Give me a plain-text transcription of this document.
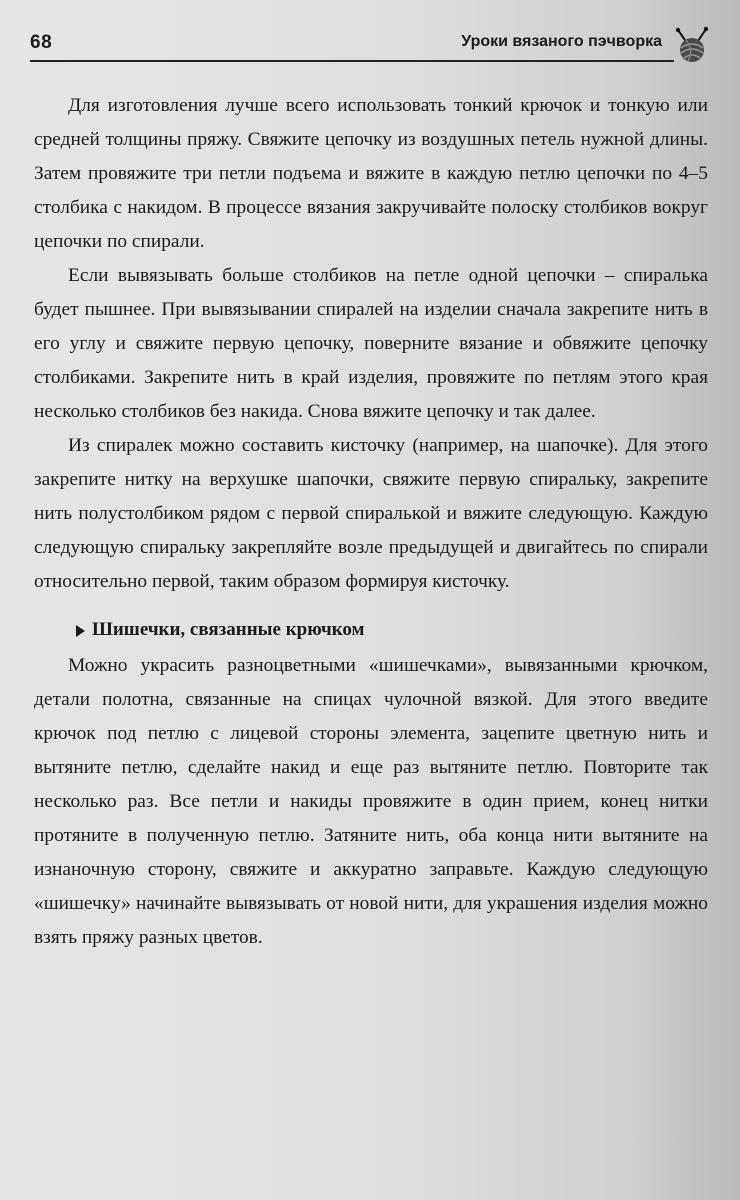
68	Уроки вязаного пэчворка

Для изготовления лучше всего использовать тонкий крючок и тонкую или средней толщины пряжу. Свяжите цепочку из воздушных петель нужной длины. Затем провяжите три петли подъема и вяжите в каждую петлю цепочки по 4–5 столбика с накидом. В процессе вязания закручивайте полоску столбиков вокруг цепочки по спирали.

Если вывязывать больше столбиков на петле одной цепочки – спиралька будет пышнее. При вывязывании спиралей на изделии сначала закрепите нить в его углу и свяжите первую цепочку, поверните вязание и обвяжите цепочку столбиками. Закрепите нить в край изделия, провяжите по петлям этого края несколько столбиков без накида. Снова вяжите цепочку и так далее.

Из спиралек можно составить кисточку (например, на шапочке). Для этого закрепите нитку на верхушке шапочки, свяжите первую спиральку, закрепите нить полустолбиком рядом с первой спиралькой и вяжите следующую. Каждую следующую спиральку закрепляйте возле предыдущей и двигайтесь по спирали относительно первой, таким образом формируя кисточку.

Шишечки, связанные крючком

Можно украсить разноцветными «шишечками», вывязанными крючком, детали полотна, связанные на спицах чулочной вязкой. Для этого введите крючок под петлю с лицевой стороны элемента, зацепите цветную нить и вытяните петлю, сделайте накид и еще раз вытяните петлю. Повторите так несколько раз. Все петли и накиды провяжите в один прием, конец нитки протяните в полученную петлю. Затяните нить, оба конца нити вытяните на изнаночную сторону, свяжите и аккуратно заправьте. Каждую следующую «шишечку» начинайте вывязывать от новой нити, для украшения изделия можно взять пряжу разных цветов.
